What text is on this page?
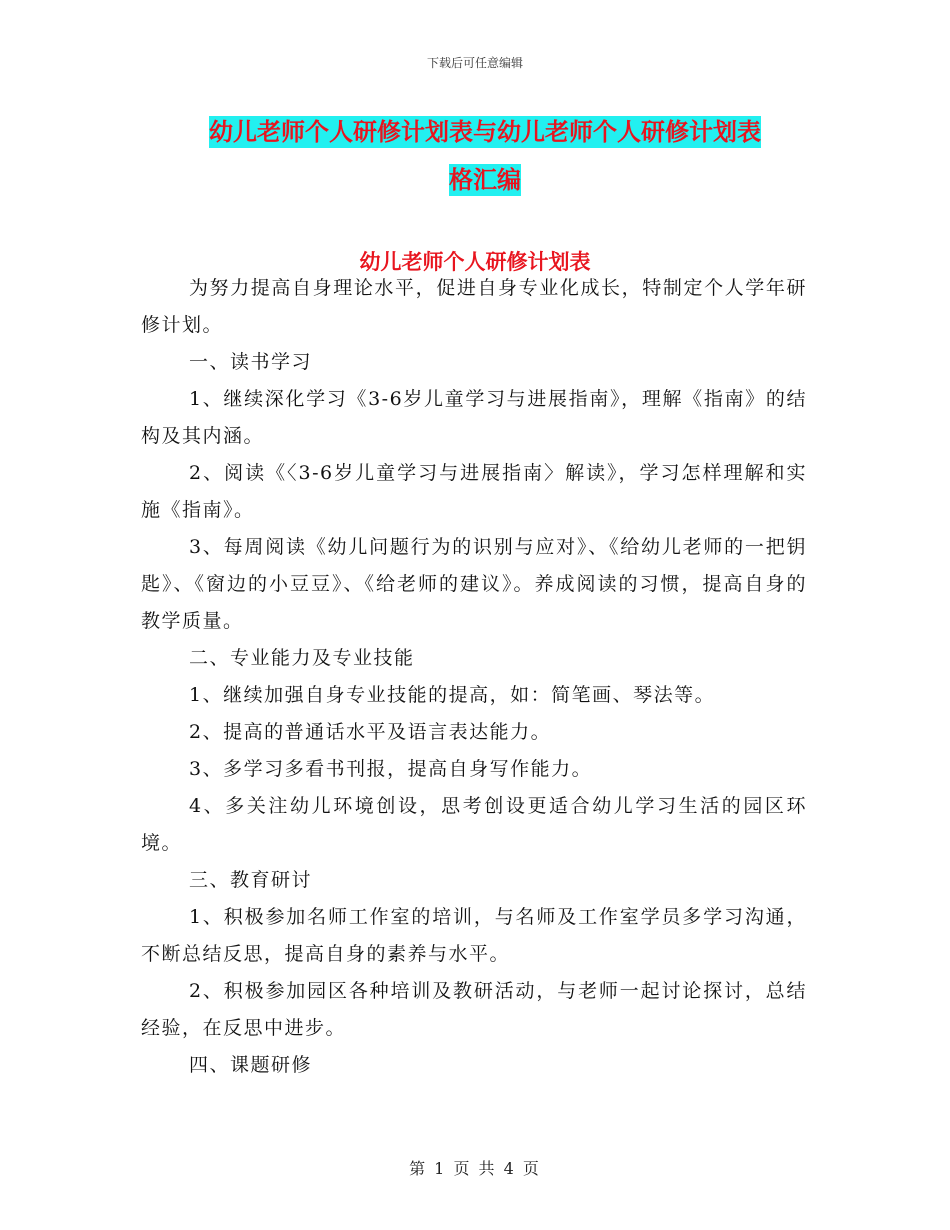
下载后可任意编辑
幼儿老师个人研修计划表与幼儿老师个人研修计划表
格汇编
幼儿老师个人研修计划表

为努力提高自身理论水平，促进自身专业化成长，特制定个人学年研修计划。

一、读书学习

1、继续深化学习《3-6岁儿童学习与进展指南》，理解《指南》的结构及其内涵。

2、阅读《〈3-6岁儿童学习与进展指南〉解读》，学习怎样理解和实施《指南》。

3、每周阅读《幼儿问题行为的识别与应对》、《给幼儿老师的一把钥匙》、《窗边的小豆豆》、《给老师的建议》。养成阅读的习惯，提高自身的教学质量。

二、专业能力及专业技能

1、继续加强自身专业技能的提高，如：简笔画、琴法等。

2、提高的普通话水平及语言表达能力。

3、多学习多看书刊报，提高自身写作能力。

4、多关注幼儿环境创设，思考创设更适合幼儿学习生活的园区环境。

三、教育研讨

1、积极参加名师工作室的培训，与名师及工作室学员多学习沟通，不断总结反思，提高自身的素养与水平。

2、积极参加园区各种培训及教研活动，与老师一起讨论探讨，总结经验，在反思中进步。

四、课题研修

第 1 页 共 4 页
